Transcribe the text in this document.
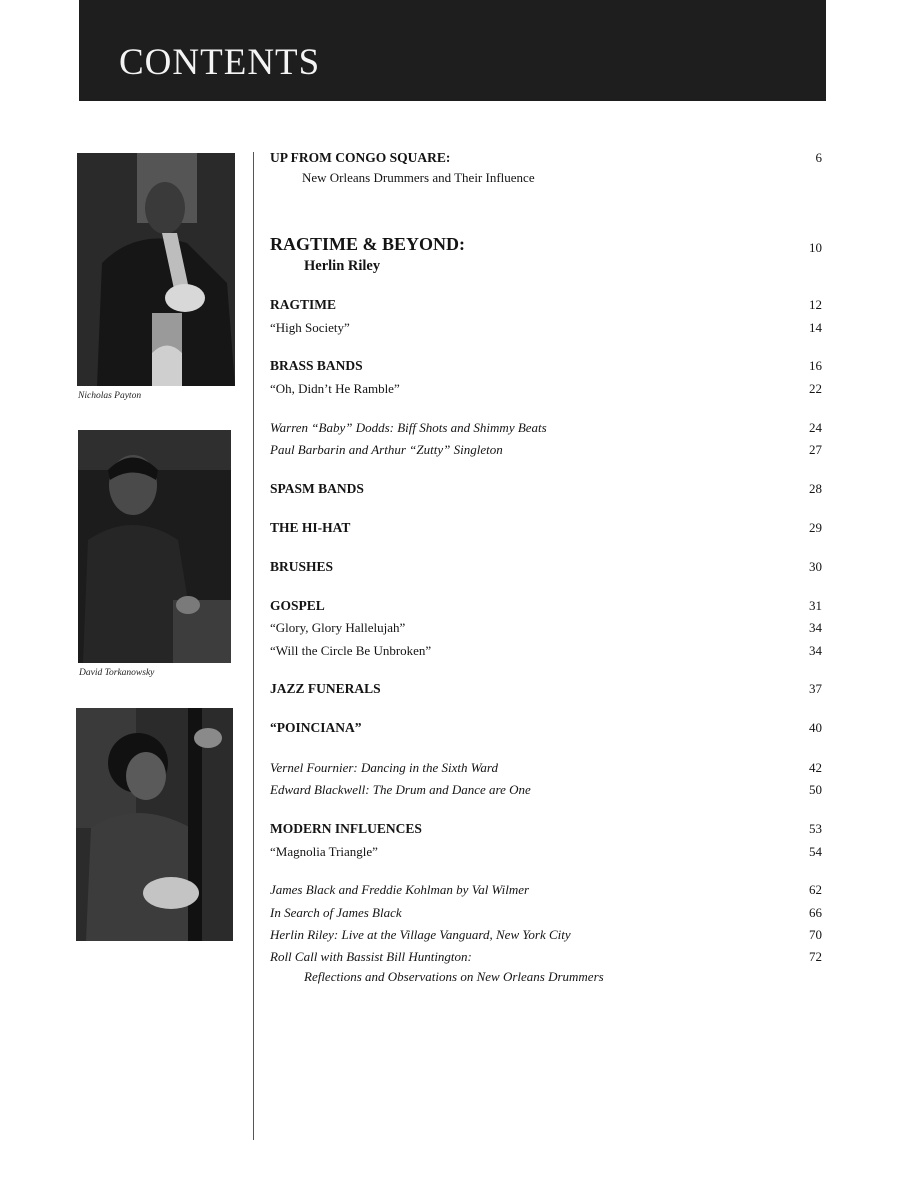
CONTENTS
Nicholas Payton
David Torkanowsky
UP FROM CONGO SQUARE:	6
New Orleans Drummers and Their Influence
RAGTIME & BEYOND:	10
Herlin Riley
RAGTIME	12
“High Society”	14
BRASS BANDS	16
“Oh, Didn’t He Ramble”	22
Warren “Baby” Dodds: Biff Shots and Shimmy Beats	24
Paul Barbarin and Arthur “Zutty” Singleton	27
SPASM BANDS	28
THE HI-HAT	29
BRUSHES	30
GOSPEL	31
“Glory, Glory Hallelujah”	34
“Will the Circle Be Unbroken”	34
JAZZ FUNERALS	37
“POINCIANA”	40
Vernel Fournier: Dancing in the Sixth Ward	42
Edward Blackwell: The Drum and Dance are One	50
MODERN INFLUENCES	53
“Magnolia Triangle”	54
James Black and Freddie Kohlman by Val Wilmer	62
In Search of James Black	66
Herlin Riley: Live at the Village Vanguard, New York City	70
Roll Call with Bassist Bill Huntington:	72
Reflections and Observations on New Orleans Drummers
